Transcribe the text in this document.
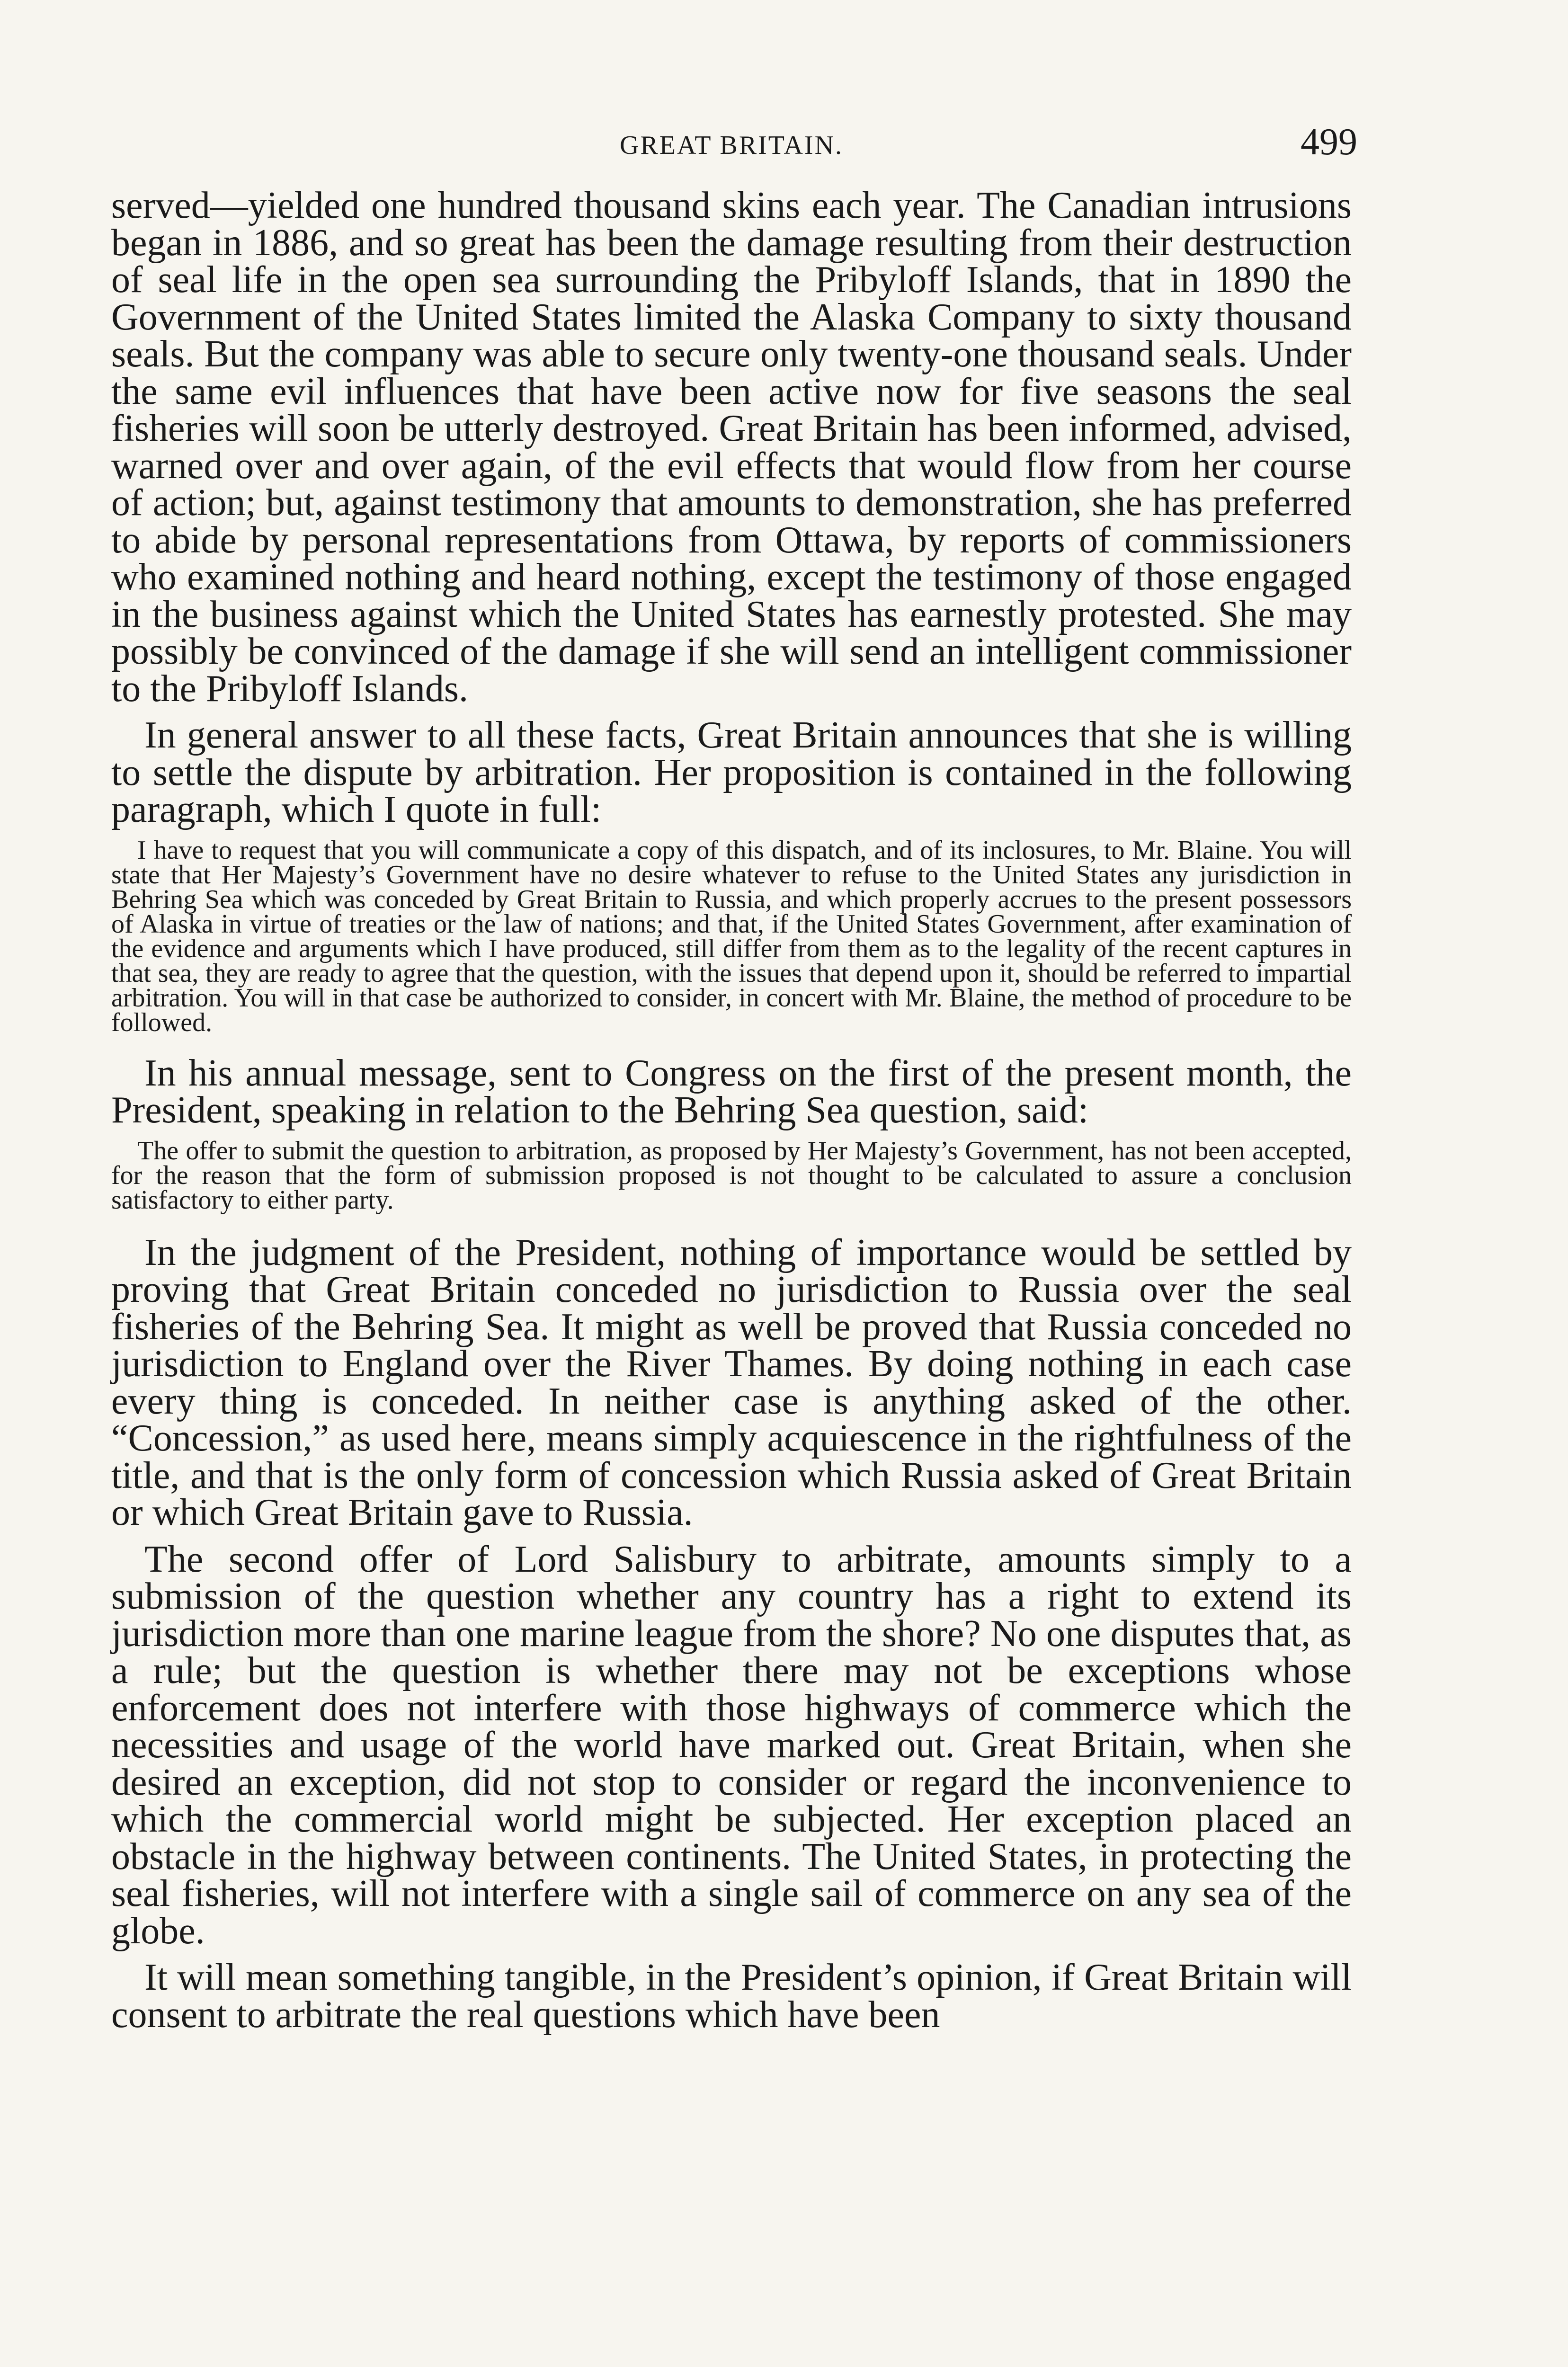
GREAT BRITAIN.	499

served—yielded one hundred thousand skins each year. The Canadian intrusions began in 1886, and so great has been the damage resulting from their destruction of seal life in the open sea surrounding the Pribyloff Islands, that in 1890 the Government of the United States limited the Alaska Company to sixty thousand seals. But the company was able to secure only twenty-one thousand seals. Under the same evil influences that have been active now for five seasons the seal fisheries will soon be utterly destroyed. Great Britain has been informed, advised, warned over and over again, of the evil effects that would flow from her course of action; but, against testimony that amounts to demonstration, she has preferred to abide by personal representations from Ottawa, by reports of commissioners who examined nothing and heard nothing, except the testimony of those engaged in the business against which the United States has earnestly protested. She may possibly be convinced of the damage if she will send an intelligent commissioner to the Pribyloff Islands.

In general answer to all these facts, Great Britain announces that she is willing to settle the dispute by arbitration. Her proposition is contained in the following paragraph, which I quote in full:

I have to request that you will communicate a copy of this dispatch, and of its inclosures, to Mr. Blaine. You will state that Her Majesty’s Government have no desire whatever to refuse to the United States any jurisdiction in Behring Sea which was conceded by Great Britain to Russia, and which properly accrues to the present possessors of Alaska in virtue of treaties or the law of nations; and that, if the United States Government, after examination of the evidence and arguments which I have produced, still differ from them as to the legality of the recent captures in that sea, they are ready to agree that the question, with the issues that depend upon it, should be referred to impartial arbitration. You will in that case be authorized to consider, in concert with Mr. Blaine, the method of procedure to be followed.

In his annual message, sent to Congress on the first of the present month, the President, speaking in relation to the Behring Sea question, said:

The offer to submit the question to arbitration, as proposed by Her Majesty’s Government, has not been accepted, for the reason that the form of submission proposed is not thought to be calculated to assure a conclusion satisfactory to either party.

In the judgment of the President, nothing of importance would be settled by proving that Great Britain conceded no jurisdiction to Russia over the seal fisheries of the Behring Sea. It might as well be proved that Russia conceded no jurisdiction to England over the River Thames. By doing nothing in each case every thing is conceded. In neither case is anything asked of the other. “Concession,” as used here, means simply acquiescence in the rightfulness of the title, and that is the only form of concession which Russia asked of Great Britain or which Great Britain gave to Russia.

The second offer of Lord Salisbury to arbitrate, amounts simply to a submission of the question whether any country has a right to extend its jurisdiction more than one marine league from the shore? No one disputes that, as a rule; but the question is whether there may not be exceptions whose enforcement does not interfere with those highways of commerce which the necessities and usage of the world have marked out. Great Britain, when she desired an exception, did not stop to consider or regard the inconvenience to which the commercial world might be subjected. Her exception placed an obstacle in the highway between continents. The United States, in protecting the seal fisheries, will not interfere with a single sail of commerce on any sea of the globe.

It will mean something tangible, in the President’s opinion, if Great Britain will consent to arbitrate the real questions which have been
